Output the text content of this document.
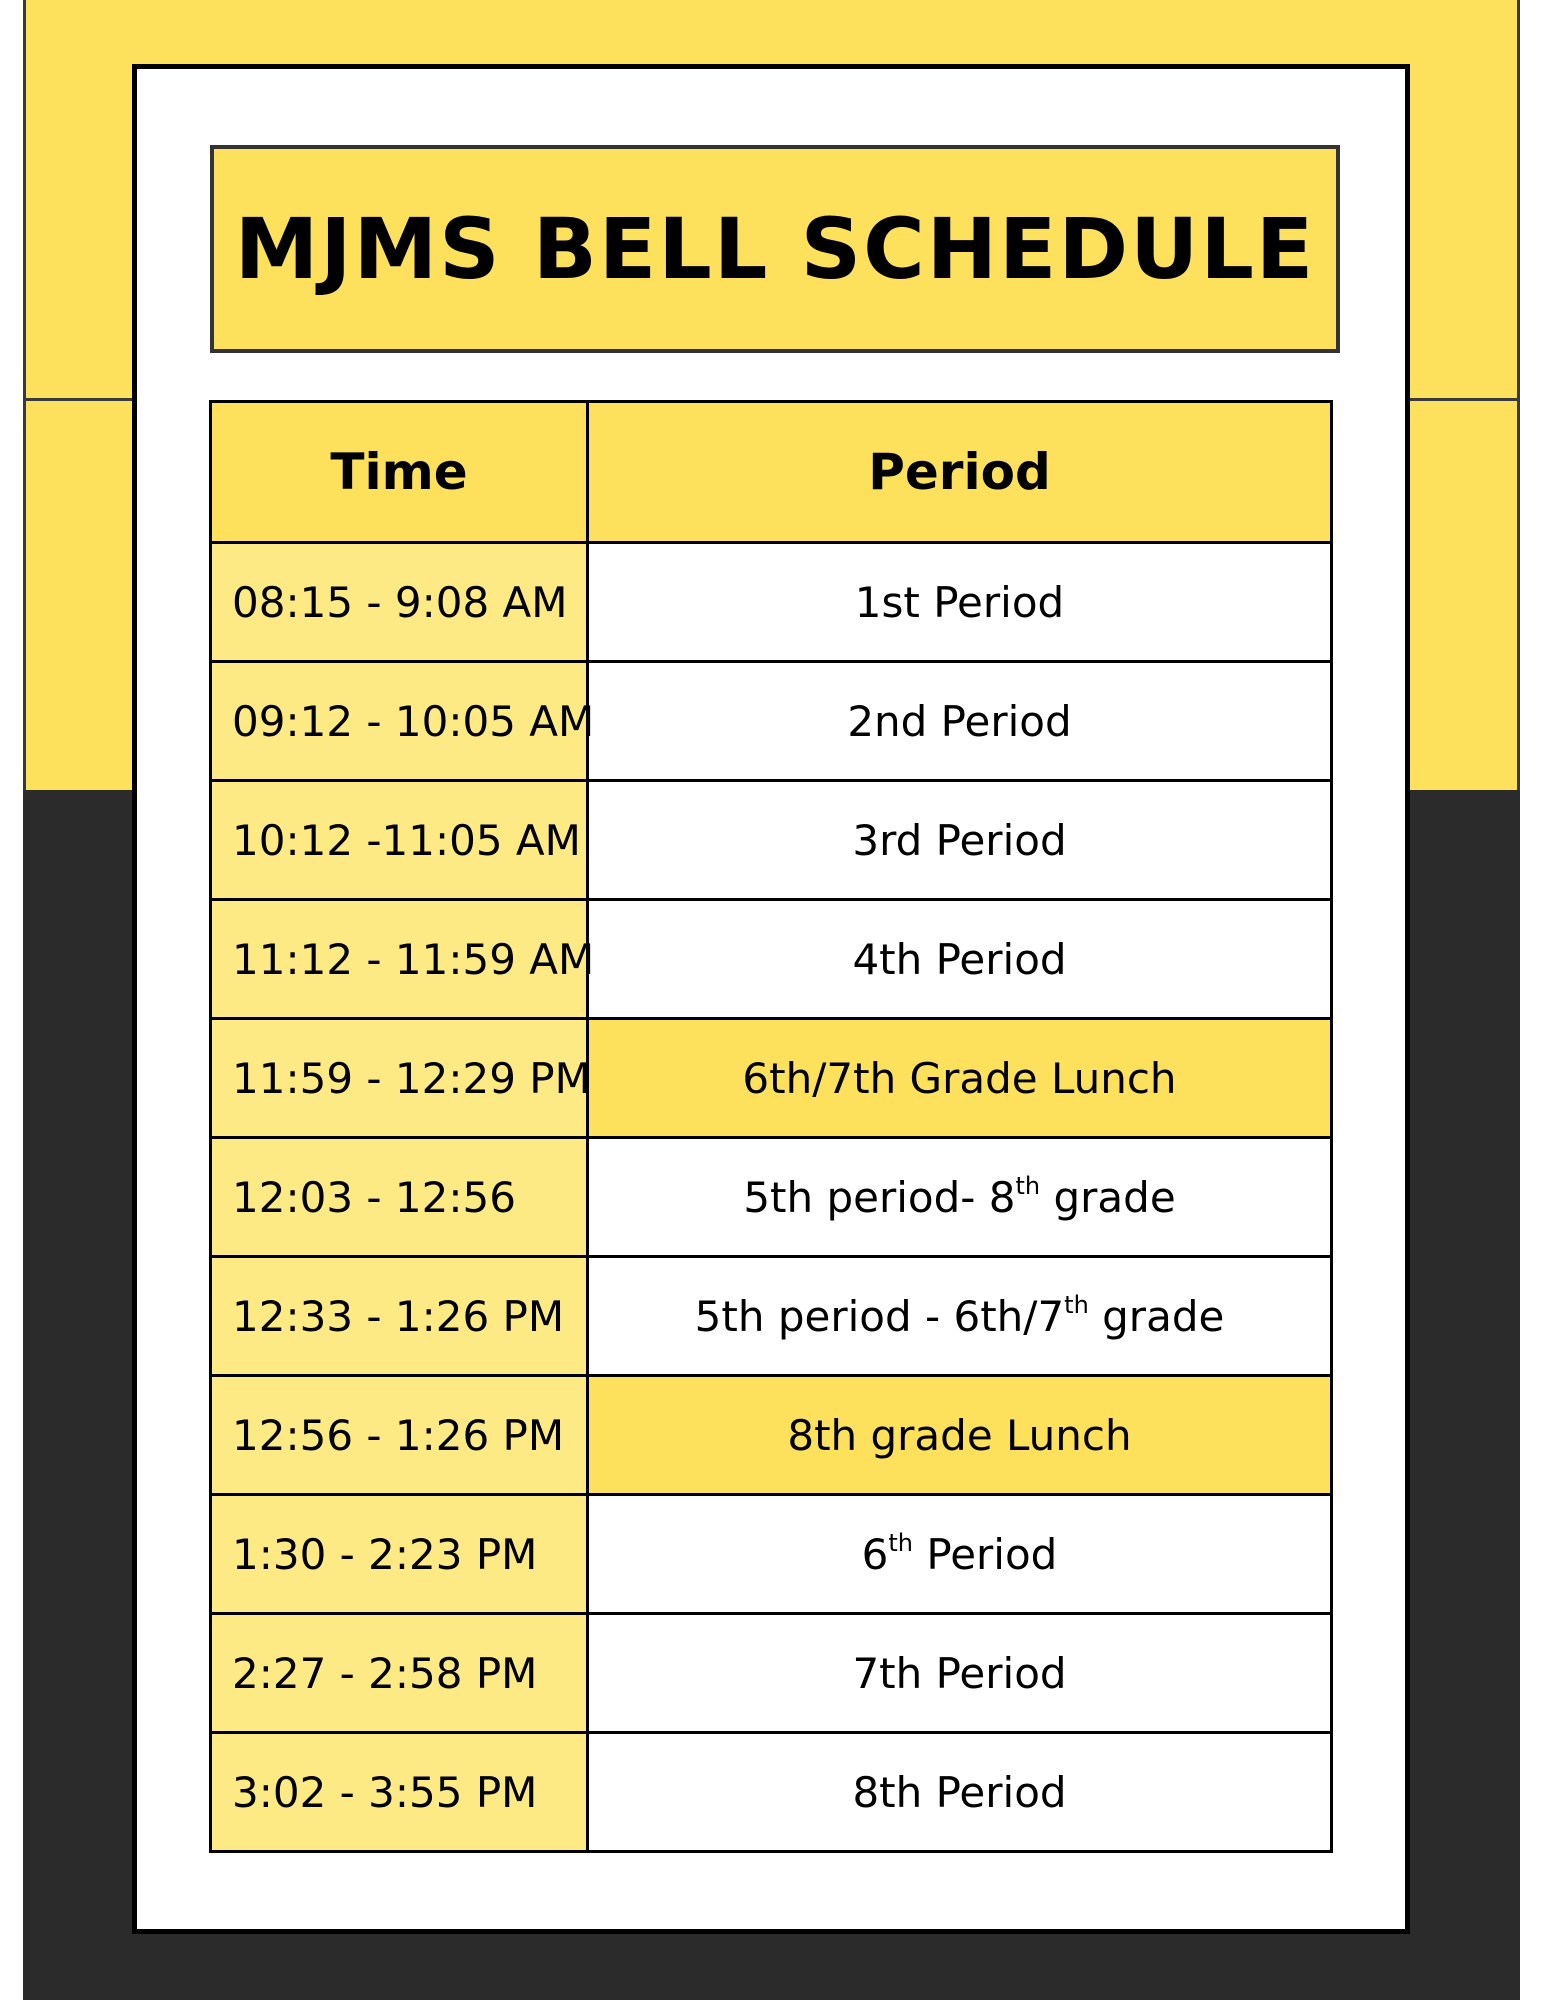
MJMS BELL SCHEDULE
Time	Period
08:15 - 9:08 AM	1st Period
09:12 - 10:05 AM	2nd Period
10:12 -11:05 AM	3rd Period
11:12 - 11:59 AM	4th Period
11:59 - 12:29 PM	6th/7th Grade Lunch
12:03 - 12:56	5th period- 8th grade
12:33 - 1:26 PM	5th period - 6th/7th grade
12:56 - 1:26 PM	8th grade Lunch
1:30 - 2:23 PM	6th Period
2:27 - 2:58 PM	7th Period
3:02 - 3:55 PM	8th Period
